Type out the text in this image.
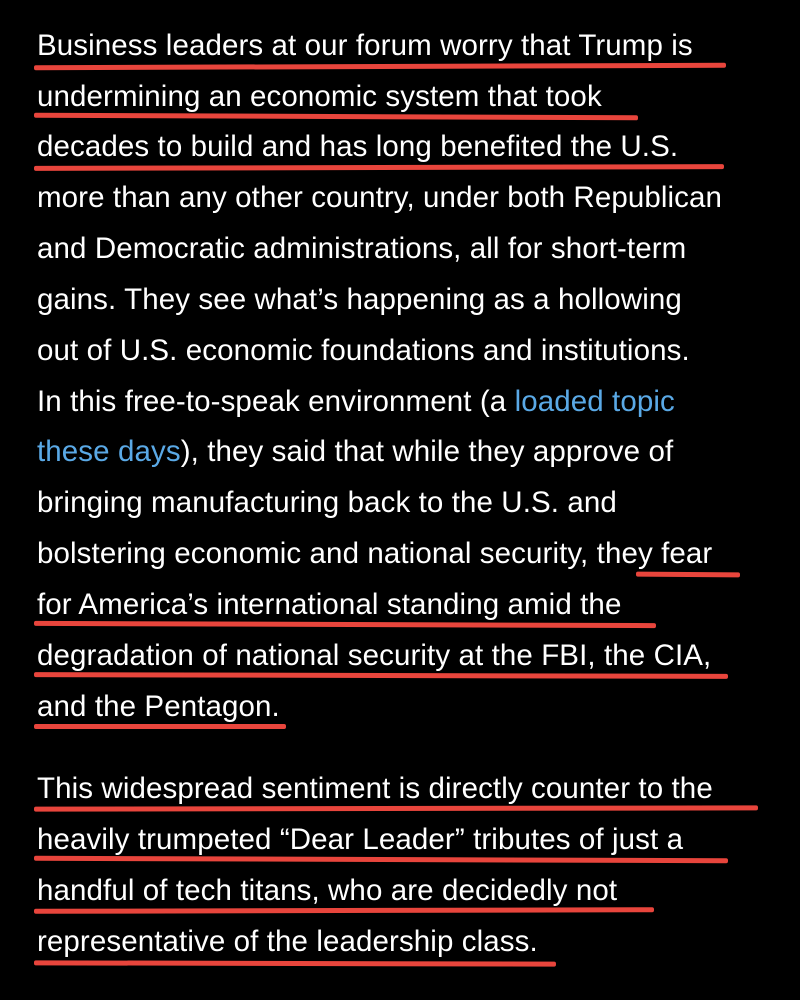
Business leaders at our forum worry that Trump is
undermining an economic system that took
decades to build and has long benefited the U.S.
more than any other country, under both Republican
and Democratic administrations, all for short-term
gains. They see what’s happening as a hollowing
out of U.S. economic foundations and institutions.
In this free-to-speak environment (a loaded topic
these days), they said that while they approve of
bringing manufacturing back to the U.S. and
bolstering economic and national security, they fear
for America’s international standing amid the
degradation of national security at the FBI, the CIA,
and the Pentagon.
This widespread sentiment is directly counter to the
heavily trumpeted “Dear Leader” tributes of just a
handful of tech titans, who are decidedly not
representative of the leadership class.
